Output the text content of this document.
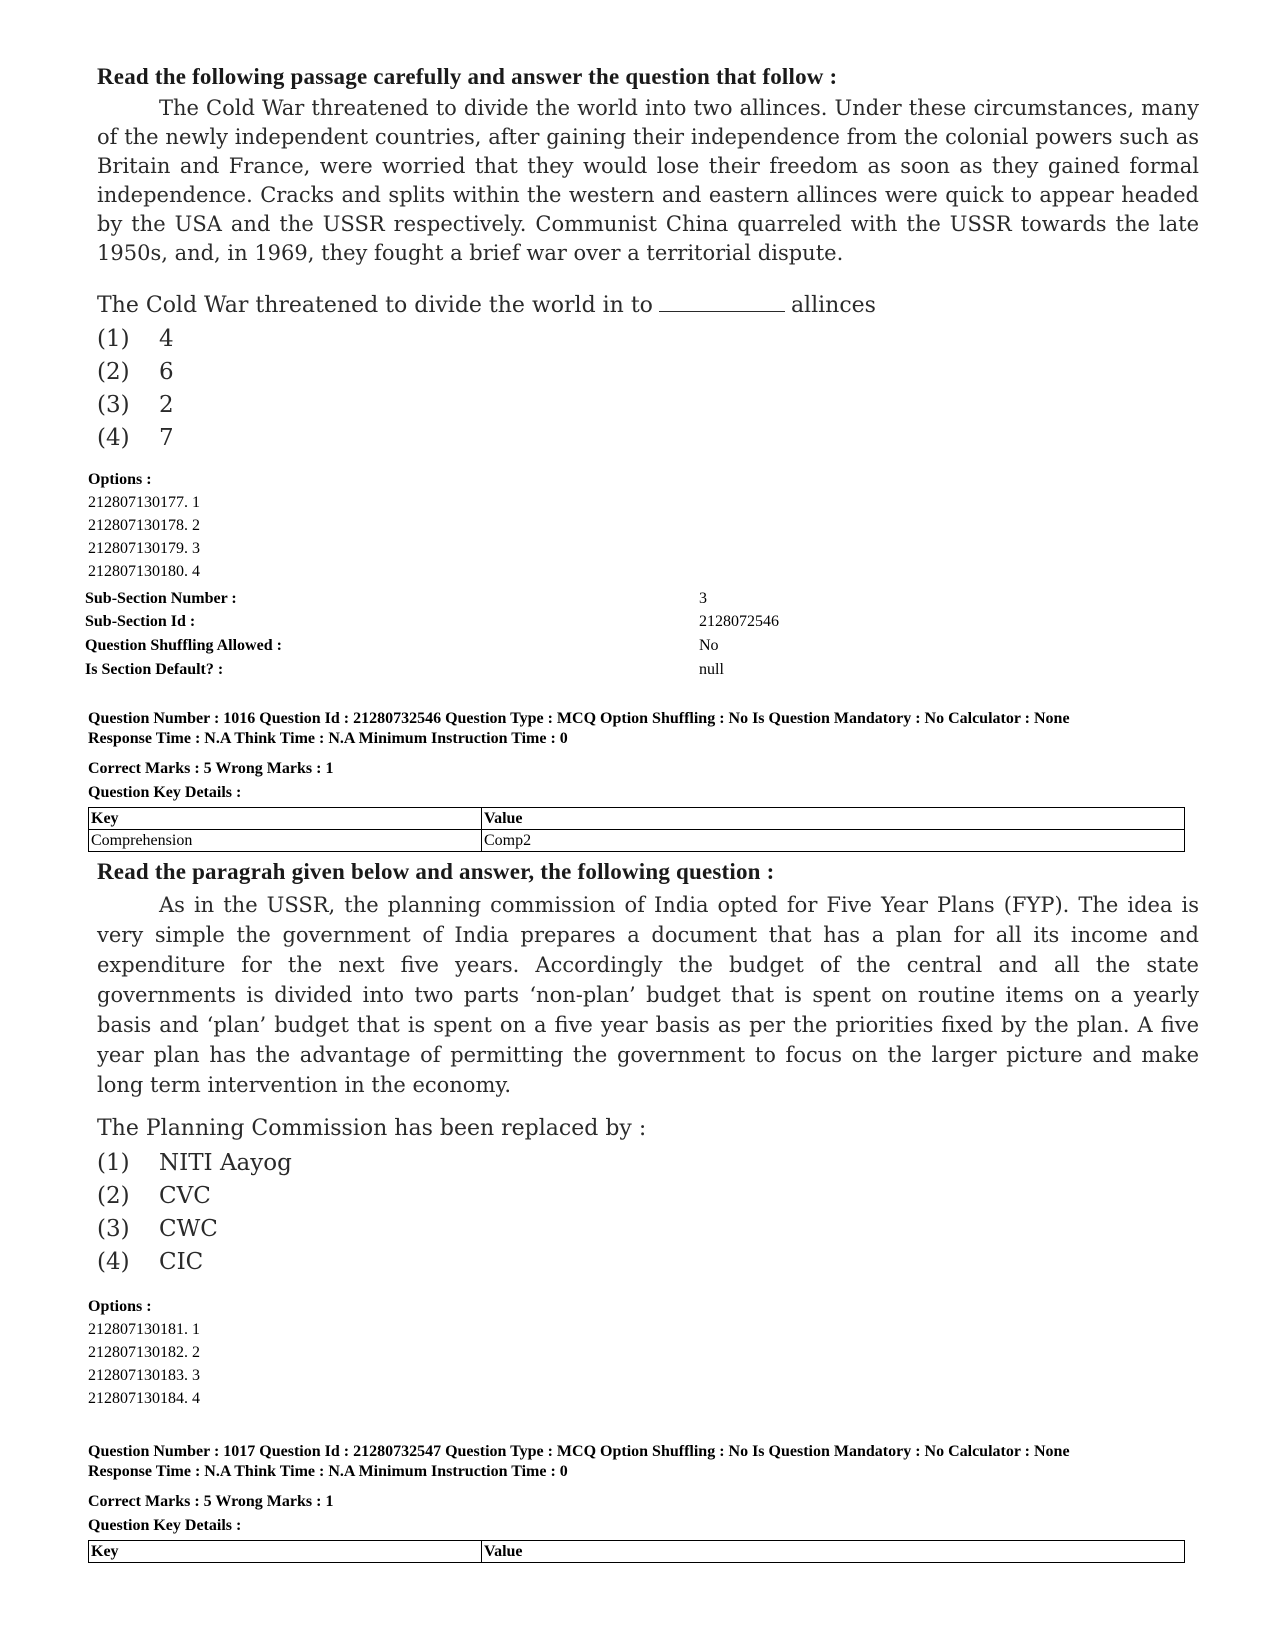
Read the following passage carefully and answer the question that follow :
The Cold War threatened to divide the world into two allinces. Under these circumstances, many of the newly independent countries, after gaining their independence from the colonial powers such as Britain and France, were worried that they would lose their freedom as soon as they gained formal independence. Cracks and splits within the western and eastern allinces were quick to appear headed by the USA and the USSR respectively. Communist China quarreled with the USSR towards the late 1950s, and, in 1969, they fought a brief war over a territorial dispute.
The Cold War threatened to divide the world in to	allinces
(1)	4
(2)	6
(3)	2
(4)	7
Options :
212807130177. 1
212807130178. 2
212807130179. 3
212807130180. 4
Sub-Section Number :	3
Sub-Section Id :	2128072546
Question Shuffling Allowed :	No
Is Section Default? :	null
Question Number : 1016 Question Id : 21280732546 Question Type : MCQ Option Shuffling : No Is Question Mandatory : No Calculator : None
Response Time : N.A Think Time : N.A Minimum Instruction Time : 0
Correct Marks : 5 Wrong Marks : 1
Question Key Details :
Key	Value
Comprehension	Comp2
Read the paragrah given below and answer, the following question :
As in the USSR, the planning commission of India opted for Five Year Plans (FYP). The idea is very simple the government of India prepares a document that has a plan for all its income and expenditure for the next five years. Accordingly the budget of the central and all the state governments is divided into two parts ‘non-plan’ budget that is spent on routine items on a yearly basis and ‘plan’ budget that is spent on a five year basis as per the priorities fixed by the plan. A five year plan has the advantage of permitting the government to focus on the larger picture and make long term intervention in the economy.
The Planning Commission has been replaced by :
(1)	NITI Aayog
(2)	CVC
(3)	CWC
(4)	CIC
Options :
212807130181. 1
212807130182. 2
212807130183. 3
212807130184. 4
Question Number : 1017 Question Id : 21280732547 Question Type : MCQ Option Shuffling : No Is Question Mandatory : No Calculator : None
Response Time : N.A Think Time : N.A Minimum Instruction Time : 0
Correct Marks : 5 Wrong Marks : 1
Question Key Details :
Key	Value
